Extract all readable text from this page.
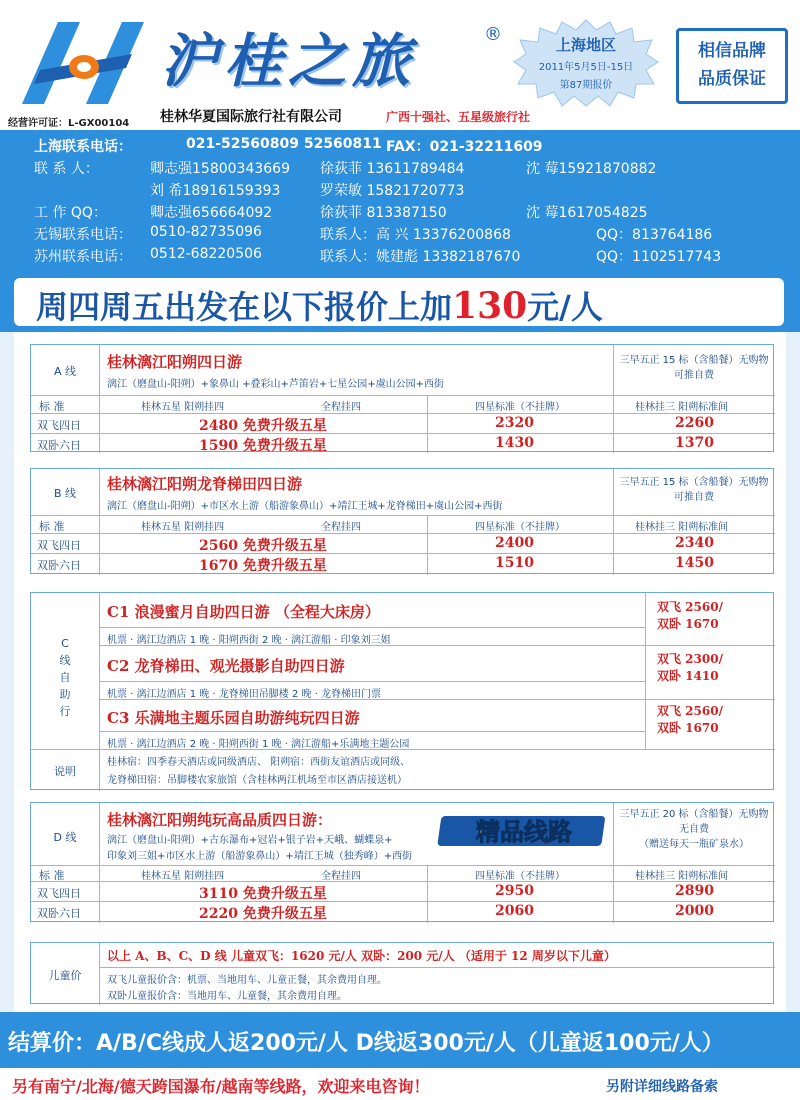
经营许可证：L-GX00104
沪桂之旅	®
桂林华夏国际旅行社有限公司	广西十强社、五星级旅行社
上海地区
2011年5月5日-15日
第87期报价
相信品牌
品质保证
上海联系电话：	021-52560809 52560811 FAX：021-32211609
联 系 人：	卿志强15800343669 徐荻菲 13611789484	沈 莓15921870882
刘 希18916159393	罗荣敏 15821720773
工 作 QQ：	卿志强656664092	徐荻菲 813387150	沈 莓1617054825
无锡联系电话： 0510-82735096	联系人：高 兴 13376200868	QQ：813764186
苏州联系电话： 0512-68220506	联系人：姚建彪 13382187670	QQ：1102517743
周四周五出发在以下报价上加130元/人
A 线
桂林漓江阳朔四日游
漓江（磨盘山-阳朔）+象鼻山 +叠彩山+芦笛岩+七星公园+虞山公园+西街
三早五正 15 标（含船餐）无购物 可推自费
标 准	桂林五星 阳朔挂四	全程挂四	四星标准（不挂牌）	桂林挂三 阳朔标准间
双飞四日	2480 免费升级五星	2320	2260
双卧六日	1590 免费升级五星	1430	1370
B 线
桂林漓江阳朔龙脊梯田四日游
漓江（磨盘山-阳朔）+市区水上游（船游象鼻山）+靖江王城+龙脊梯田+虞山公园+西街
三早五正 15 标（含船餐）无购物 可推自费
标 准	桂林五星 阳朔挂四	全程挂四	四星标准（不挂牌）	桂林挂三 阳朔标准间
双飞四日	2560 免费升级五星	2400	2340
双卧六日	1670 免费升级五星	1510	1450
C
线
自
助
行
C1 浪漫蜜月自助四日游 （全程大床房）
机票 · 漓江边酒店 1 晚 · 阳朔西街 2 晚 · 漓江游船 · 印象刘三姐
双飞 2560/
双卧 1670
C2 龙脊梯田、观光摄影自助四日游
机票 · 漓江边酒店 1 晚 · 龙脊梯田吊脚楼 2 晚 · 龙脊梯田门票
双飞 2300/
双卧 1410
C3 乐满地主题乐园自助游纯玩四日游
机票 · 漓江边酒店 2 晚 · 阳朔西街 1 晚 · 漓江游船+乐满地主题公园
双飞 2560/
双卧 1670
说明
桂林宿：四季春天酒店或同级酒店、 阳朔宿：西街友谊酒店或同级、
龙脊梯田宿：吊脚楼农家旅馆（含桂林两江机场至市区酒店接送机）
D 线
桂林漓江阳朔纯玩高品质四日游：
漓江（磨盘山-阳朔）+古东瀑布+冠岩+银子岩+天峨、蝴蝶泉+
印象刘三姐+市区水上游（船游象鼻山）+靖江王城（独秀峰）+西街
三早五正 20 标（含船餐）无购物 无自费
（赠送每天一瓶矿泉水）
标 准	桂林五星 阳朔挂四	全程挂四	四星标准（不挂牌）	桂林挂三 阳朔标准间
双飞四日	3110 免费升级五星	2950	2890
双卧六日	2220 免费升级五星	2060	2000
精品线路
儿童价
以上 A、B、C、D 线 儿童双飞：1620 元/人 双卧：200 元/人 （适用于 12 周岁以下儿童）
双飞儿童报价含：机票、当地用车、儿童正餐，其余费用自理。
双卧儿童报价含：当地用车、儿童餐，其余费用自理。
结算价：A/B/C线成人返200元/人 D线返300元/人（儿童返100元/人）
另有南宁/北海/德天跨国瀑布/越南等线路，欢迎来电咨询！	另附详细线路备索
